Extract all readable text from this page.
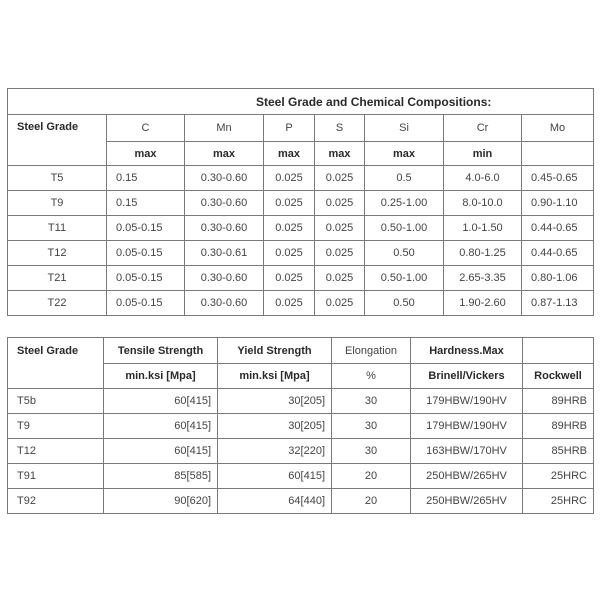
Steel Grade and Chemical Compositions:							
Steel Grade	C	Mn	P	S	Si	Cr	Mo
	max	max	max	max	max	min	
T5	0.15	0.30-0.60	0.025	0.025	0.5	4.0-6.0	0.45-0.65
T9	0.15	0.30-0.60	0.025	0.025	0.25-1.00	8.0-10.0	0.90-1.10
T11	0.05-0.15	0.30-0.60	0.025	0.025	0.50-1.00	1.0-1.50	0.44-0.65
T12	0.05-0.15	0.30-0.61	0.025	0.025	0.50	0.80-1.25	0.44-0.65
T21	0.05-0.15	0.30-0.60	0.025	0.025	0.50-1.00	2.65-3.35	0.80-1.06
T22	0.05-0.15	0.30-0.60	0.025	0.025	0.50	1.90-2.60	0.87-1.13
Steel Grade	Tensile Strength	Yield Strength	Elongation	Hardness.Max	
	min.ksi [Mpa]	min.ksi [Mpa]	%	Brinell/Vickers	Rockwell
T5b	60[415]	30[205]	30	179HBW/190HV	89HRB
T9	60[415]	30[205]	30	179HBW/190HV	89HRB
T12	60[415]	32[220]	30	163HBW/170HV	85HRB
T91	85[585]	60[415]	20	250HBW/265HV	25HRC
T92	90[620]	64[440]	20	250HBW/265HV	25HRC
